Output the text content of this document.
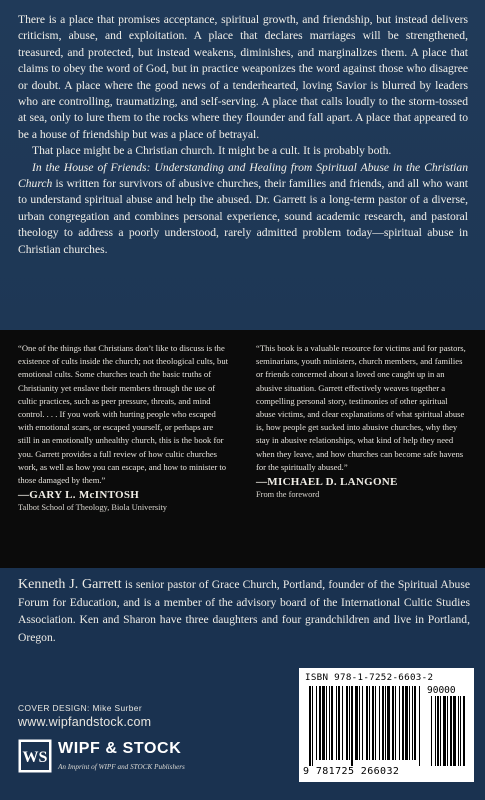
There is a place that promises acceptance, spiritual growth, and friendship, but instead delivers criticism, abuse, and exploitation. A place that declares marriages will be strengthened, treasured, and protected, but instead weakens, diminishes, and marginalizes them. A place that claims to obey the word of God, but in practice weaponizes the word against those who disagree or doubt. A place where the good news of a tenderhearted, loving Savior is blurred by leaders who are controlling, traumatizing, and self-serving. A place that calls loudly to the storm-tossed at sea, only to lure them to the rocks where they flounder and fall apart. A place that appeared to be a house of friendship but was a place of betrayal.

That place might be a Christian church. It might be a cult. It is probably both.

In the House of Friends: Understanding and Healing from Spiritual Abuse in the Christian Church is written for survivors of abusive churches, their families and friends, and all who want to understand spiritual abuse and help the abused. Dr. Garrett is a long-term pastor of a diverse, urban congregation and combines personal experience, sound academic research, and pastoral theology to address a poorly understood, rarely admitted problem today—spiritual abuse in Christian churches.

“One of the things that Christians don’t like to discuss is the existence of cults inside the church; not theological cults, but emotional cults. Some churches teach the basic truths of Christianity yet enslave their members through the use of cultic practices, such as peer pressure, threats, and mind control. . . . If you work with hurting people who escaped with emotional scars, or escaped yourself, or perhaps are still in an emotionally unhealthy church, this is the book for you. Garrett provides a full review of how cultic churches work, as well as how you can escape, and how to minister to those damaged by them.”

—GARY L. McINTOSH
Talbot School of Theology, Biola University

“This book is a valuable resource for victims and for pastors, seminarians, youth ministers, church members, and families or friends concerned about a loved one caught up in an abusive situation. Garrett effectively weaves together a compelling personal story, testimonies of other spiritual abuse victims, and clear explanations of what spiritual abuse is, how people get sucked into abusive churches, why they stay in abusive relationships, what kind of help they need when they leave, and how churches can become safe havens for the spiritually abused.”

—MICHAEL D. LANGONE
From the foreword
Kenneth J. Garrett is senior pastor of Grace Church, Portland, founder of the Spiritual Abuse Forum for Education, and is a member of the advisory board of the International Cultic Studies Association. Ken and Sharon have three daughters and four grandchildren and live in Portland, Oregon.
COVER DESIGN: Mike Surber
www.wipfandstock.com
WS
WIPF & STOCK
An Imprint of WIPF and STOCK Publishers
ISBN 978-1-7252-6603-2
90000
9 781725 266032
